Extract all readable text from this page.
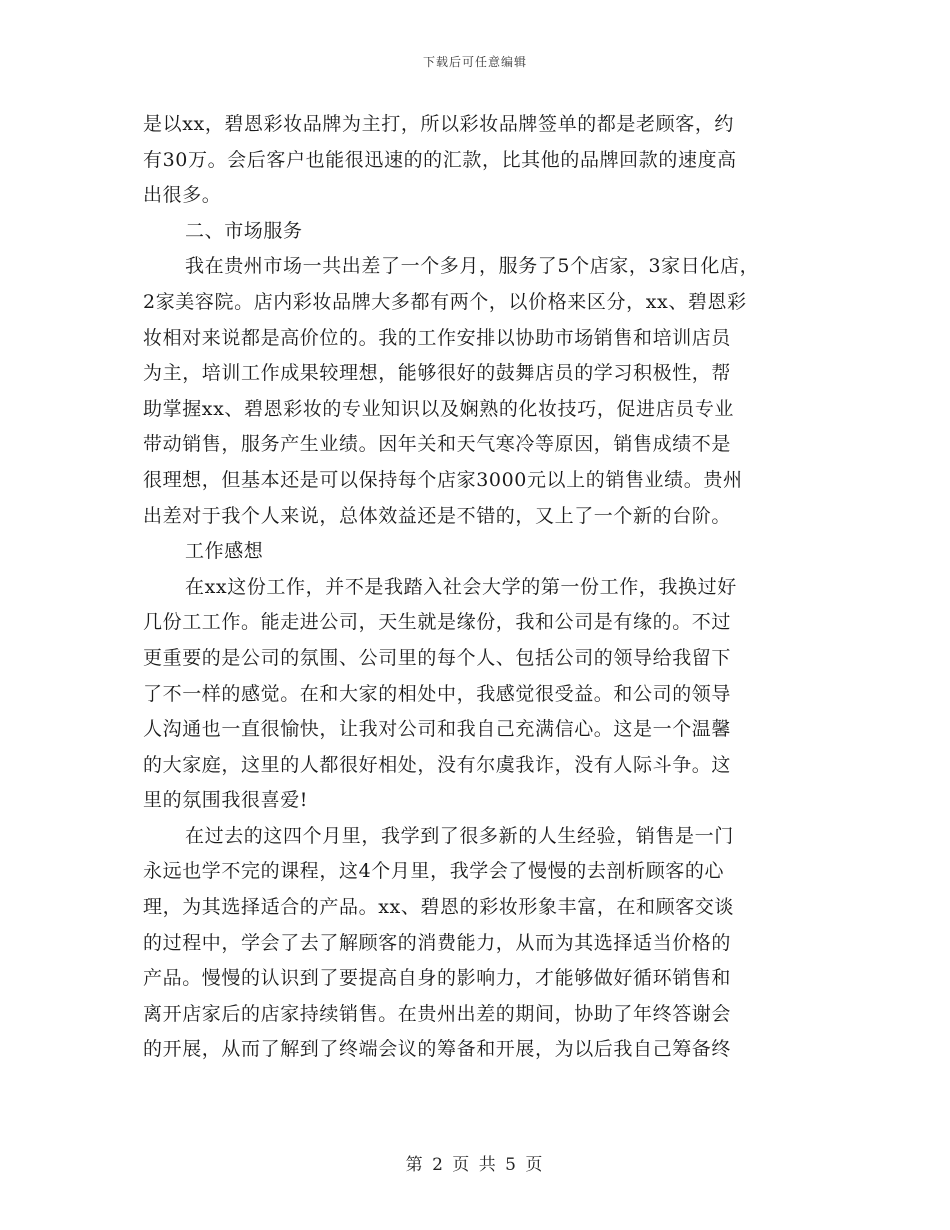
下载后可任意编辑
是以xx，碧恩彩妆品牌为主打，所以彩妆品牌签单的都是老顾客，约
有30万。会后客户也能很迅速的的汇款，比其他的品牌回款的速度高
出很多。
二、市场服务
我在贵州市场一共出差了一个多月，服务了5个店家，3家日化店，
2家美容院。店内彩妆品牌大多都有两个，以价格来区分，xx、碧恩彩
妆相对来说都是高价位的。我的工作安排以协助市场销售和培训店员
为主，培训工作成果较理想，能够很好的鼓舞店员的学习积极性，帮
助掌握xx、碧恩彩妆的专业知识以及娴熟的化妆技巧，促进店员专业
带动销售，服务产生业绩。因年关和天气寒冷等原因，销售成绩不是
很理想，但基本还是可以保持每个店家3000元以上的销售业绩。贵州
出差对于我个人来说，总体效益还是不错的，又上了一个新的台阶。
工作感想
在xx这份工作，并不是我踏入社会大学的第一份工作，我换过好
几份工工作。能走进公司，天生就是缘份，我和公司是有缘的。不过
更重要的是公司的氛围、公司里的每个人、包括公司的领导给我留下
了不一样的感觉。在和大家的相处中，我感觉很受益。和公司的领导
人沟通也一直很愉快，让我对公司和我自己充满信心。这是一个温馨
的大家庭，这里的人都很好相处，没有尔虞我诈，没有人际斗争。这
里的氛围我很喜爱!
在过去的这四个月里，我学到了很多新的人生经验，销售是一门
永远也学不完的课程，这4个月里，我学会了慢慢的去剖析顾客的心
理，为其选择适合的产品。xx、碧恩的彩妆形象丰富，在和顾客交谈
的过程中，学会了去了解顾客的消费能力，从而为其选择适当价格的
产品。慢慢的认识到了要提高自身的影响力，才能够做好循环销售和
离开店家后的店家持续销售。在贵州出差的期间，协助了年终答谢会
的开展，从而了解到了终端会议的筹备和开展，为以后我自己筹备终
第 2 页 共 5 页
